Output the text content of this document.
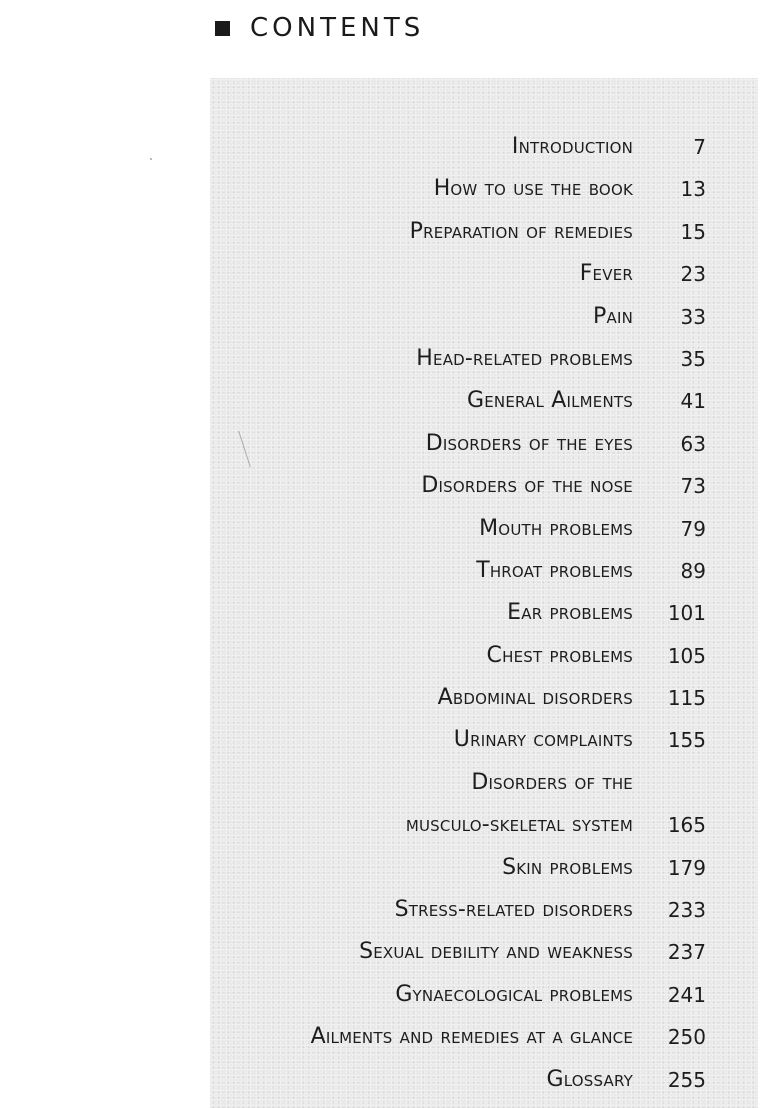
CONTENTS
Introduction	7
How to use the book 13
Preparation of remedies 15
Fever 23
Pain 33
Head-related problems 35
General Ailments 41
Disorders of the eyes 63
Disorders of the nose 73
Mouth problems 79
Throat problems 89
Ear problems 101
Chest problems 105
Abdominal disorders 115
Urinary complaints 155
Disorders of the
musculo-skeletal system 165
Skin problems 179
Stress-related disorders 233
Sexual debility and weakness 237
Gynaecological problems 241
Ailments and remedies at a glance 250
Glossary 255
